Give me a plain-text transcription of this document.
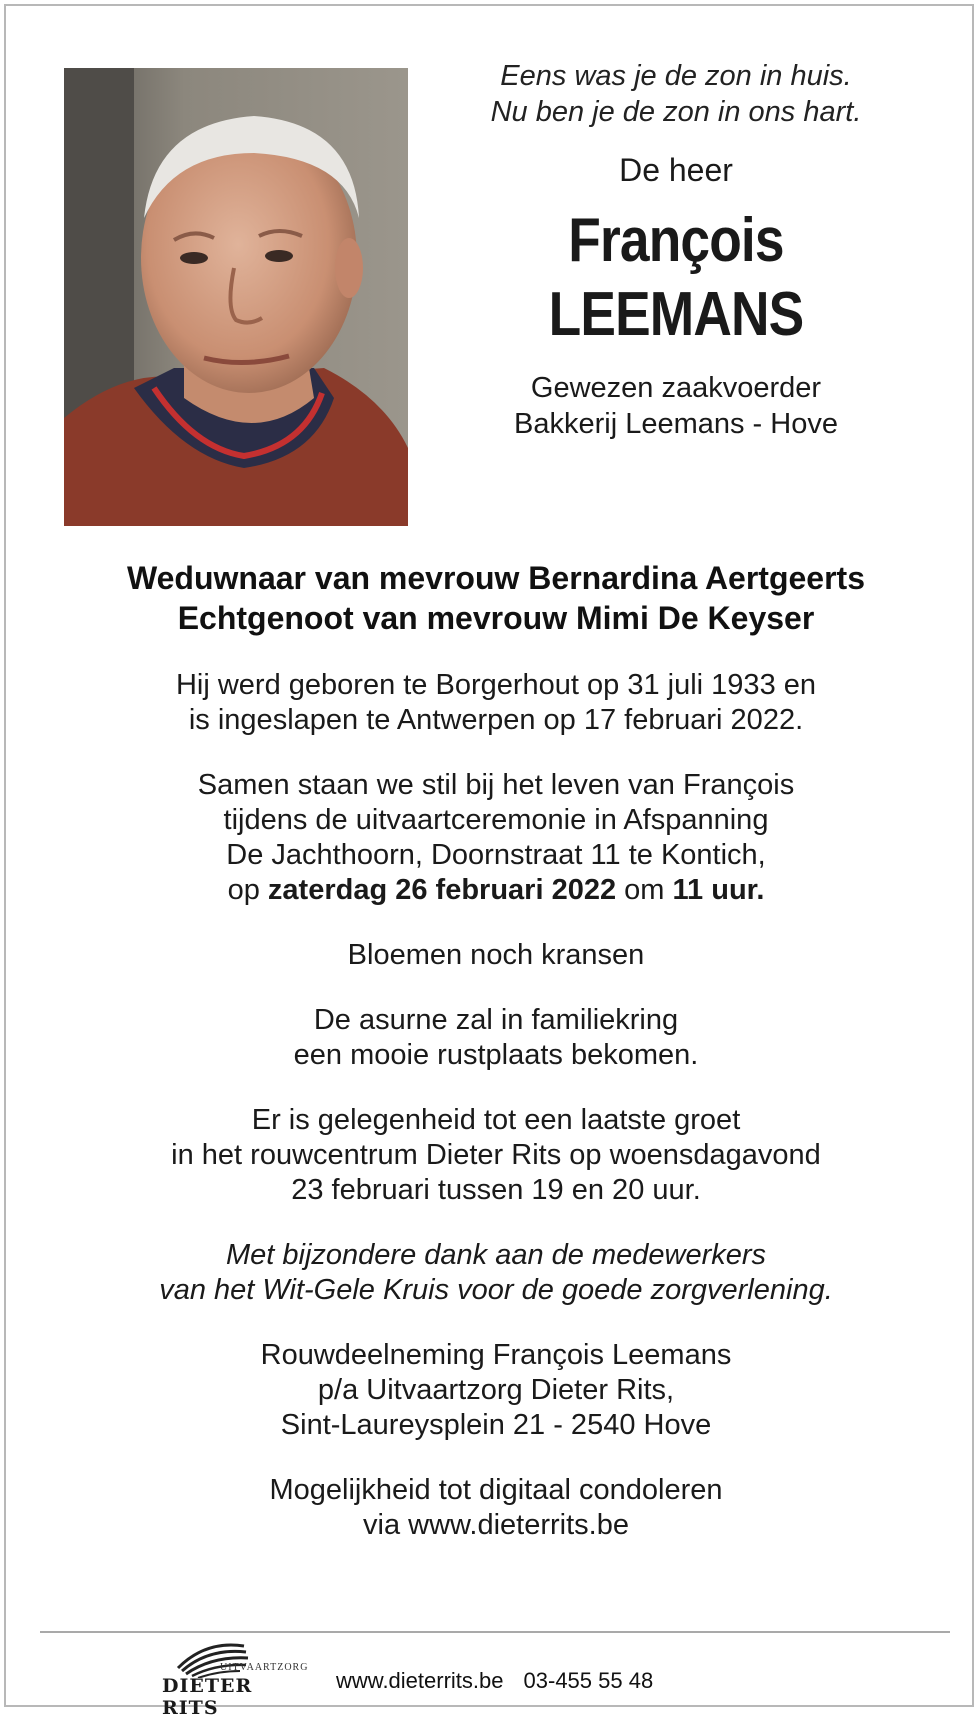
Eens was je de zon in huis.
Nu ben je de zon in ons hart.
De heer
François
LEEMANS
Gewezen zaakvoerder
Bakkerij Leemans - Hove
Weduwnaar van mevrouw Bernardina Aertgeerts
Echtgenoot van mevrouw Mimi De Keyser
Hij werd geboren te Borgerhout op 31 juli 1933 en
is ingeslapen te Antwerpen op 17 februari 2022.
Samen staan we stil bij het leven van François
tijdens de uitvaartceremonie in Afspanning
De Jachthoorn, Doornstraat 11 te Kontich,
op zaterdag 26 februari 2022 om 11 uur.
Bloemen noch kransen
De asurne zal in familiekring
een mooie rustplaats bekomen.
Er is gelegenheid tot een laatste groet
in het rouwcentrum Dieter Rits op woensdagavond
23 februari tussen 19 en 20 uur.
Met bijzondere dank aan de medewerkers
van het Wit-Gele Kruis voor de goede zorgverlening.
Rouwdeelneming François Leemans
p/a Uitvaartzorg Dieter Rits,
Sint-Laureysplein 21 - 2540 Hove
Mogelijkheid tot digitaal condoleren
via www.dieterrits.be
UITVAARTZORG
DIETER RITS
www.dieterrits.be 03-455 55 48
